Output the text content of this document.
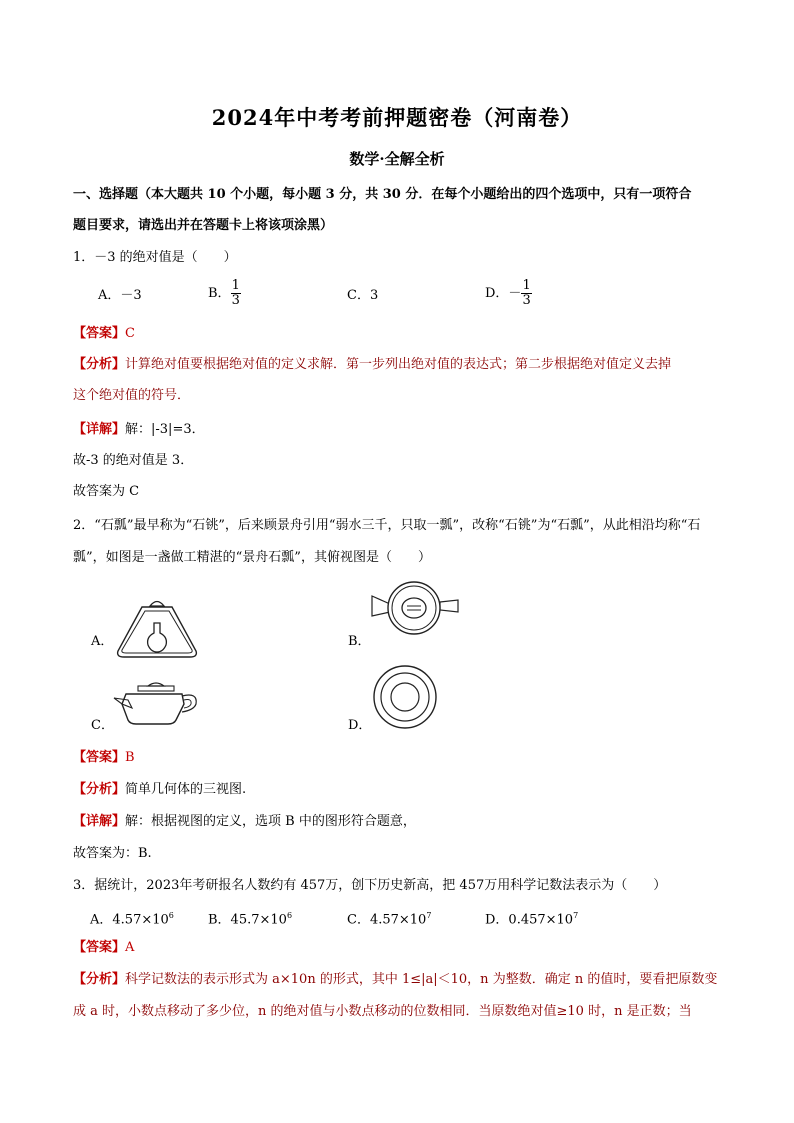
2024年中考考前押题密卷（河南卷）
数学·全解全析
一、选择题（本大题共 10 个小题，每小题 3 分，共 30 分．在每个小题给出的四个选项中，只有一项符合
题目要求，请选出并在答题卡上将该项涂黑）
1．－3 的绝对值是（　　）
A．－3	B． $\frac{1}{3}$	C．3	D．－ $\frac{1}{3}$
【答案】C
【分析】计算绝对值要根据绝对值的定义求解．第一步列出绝对值的表达式；第二步根据绝对值定义去掉
这个绝对值的符号．
【详解】解：|-3|=3．
故-3 的绝对值是 3．
故答案为 C
2．“石瓢”最早称为“石铫”，后来顾景舟引用“弱水三千，只取一瓢”，改称“石铫”为“石瓢”，从此相沿均称“石
瓢”，如图是一盏做工精湛的“景舟石瓢”，其俯视图是（　　）
A．	B．
C．	D．
【答案】B
【分析】简单几何体的三视图.
【详解】解：根据视图的定义，选项 B 中的图形符合题意，
故答案为：B.
3．据统计，2023年考研报名人数约有 457万，创下历史新高，把 457万用科学记数法表示为（　　）
A．$4.57\times 10^6$	B．$45.7\times 10^6$	C．$4.57\times 10^7$	D．$0.457\times 10^7$
【答案】A
【分析】科学记数法的表示形式为 a×10n 的形式，其中 1≤|a|＜10，n 为整数．确定 n 的值时，要看把原数变
成 a 时，小数点移动了多少位，n 的绝对值与小数点移动的位数相同．当原数绝对值≥10 时，n 是正数；当
